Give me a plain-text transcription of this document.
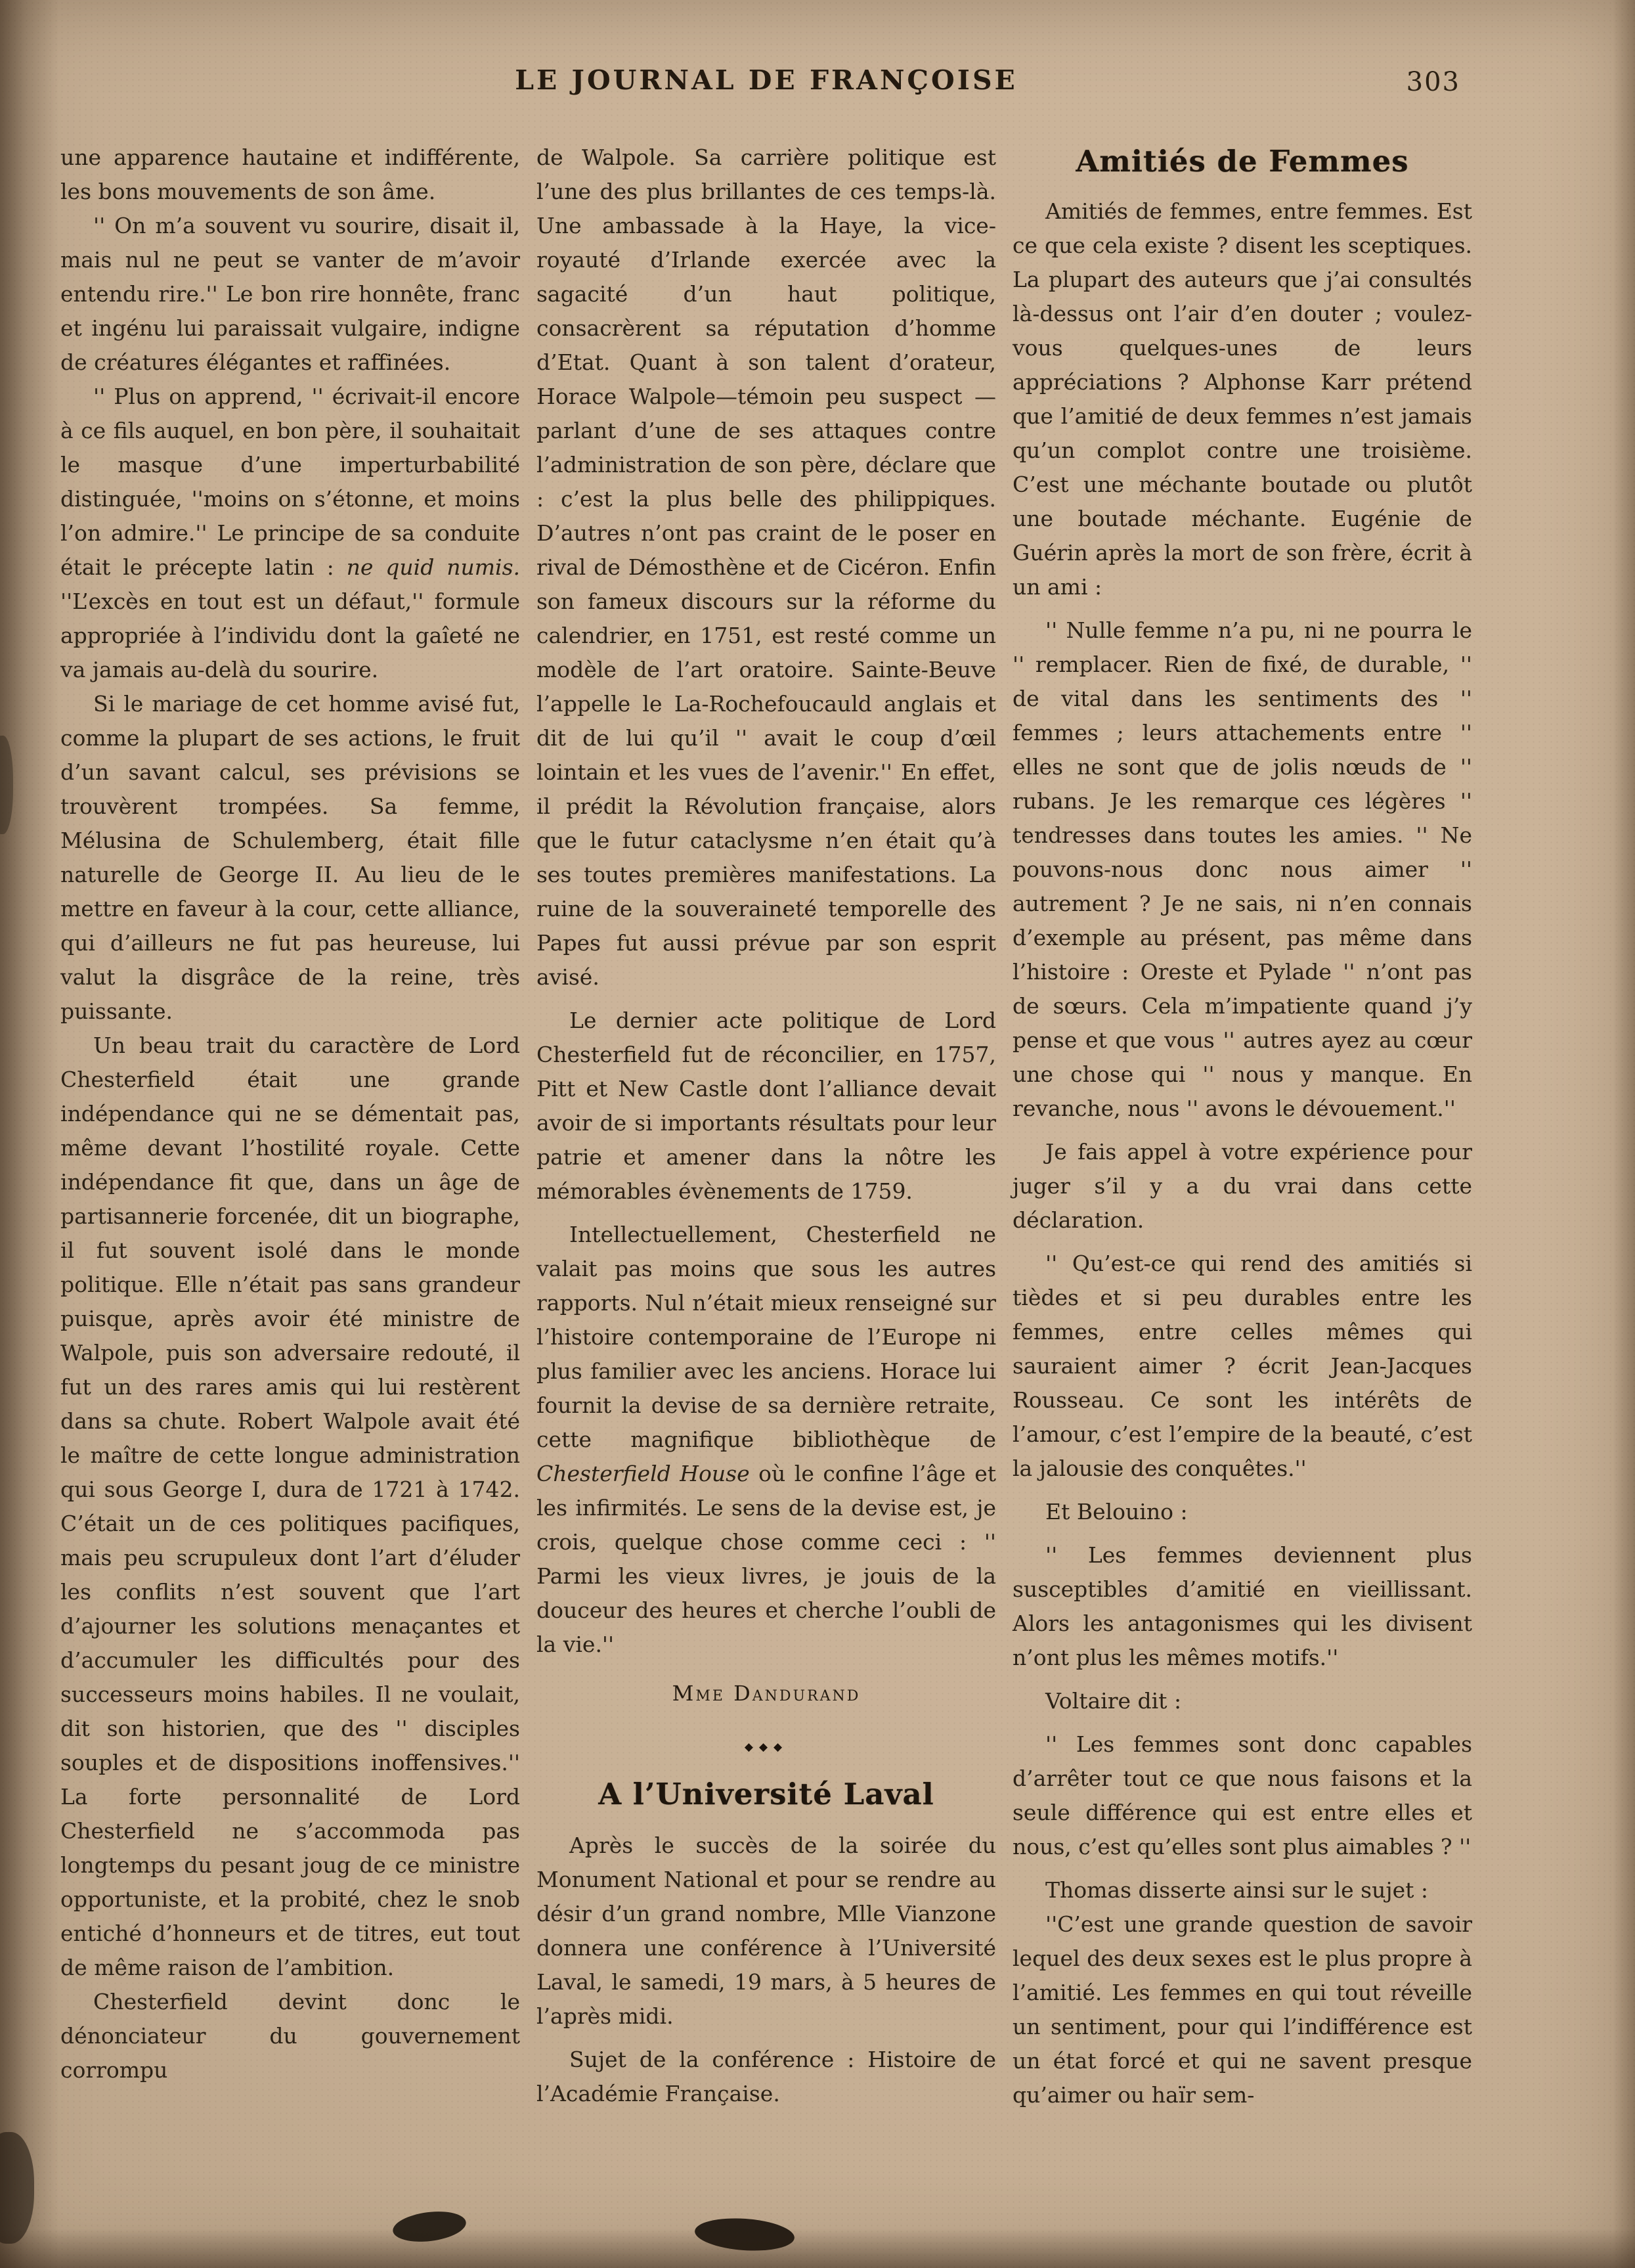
LE JOURNAL DE FRANÇOISE	303

une apparence hautaine et indifférente, les bons mouvements de son âme.

'' On m’a souvent vu sourire, disait il, mais nul ne peut se vanter de m’avoir entendu rire.'' Le bon rire honnête, franc et ingénu lui paraissait vulgaire, indigne de créatures élégantes et raffinées.

'' Plus on apprend, '' écrivait-il encore à ce fils auquel, en bon père, il souhaitait le masque d’une imperturbabilité distinguée, ''moins on s’étonne, et moins l’on admire.'' Le principe de sa conduite était le précepte latin : ne quid numis. ''L’excès en tout est un défaut,'' formule appropriée à l’individu dont la gaîeté ne va jamais au-delà du sourire.

Si le mariage de cet homme avisé fut, comme la plupart de ses actions, le fruit d’un savant calcul, ses prévisions se trouvèrent trompées. Sa femme, Mélusina de Schulemberg, était fille naturelle de George II. Au lieu de le mettre en faveur à la cour, cette alliance, qui d’ailleurs ne fut pas heureuse, lui valut la disgrâce de la reine, très puissante.

Un beau trait du caractère de Lord Chesterfield était une grande indépendance qui ne se démentait pas, même devant l’hostilité royale. Cette indépendance fit que, dans un âge de partisannerie forcenée, dit un biographe, il fut souvent isolé dans le monde politique. Elle n’était pas sans grandeur puisque, après avoir été ministre de Walpole, puis son adversaire redouté, il fut un des rares amis qui lui restèrent dans sa chute. Robert Walpole avait été le maître de cette longue administration qui sous George I, dura de 1721 à 1742. C’était un de ces politiques pacifiques, mais peu scrupuleux dont l’art d’éluder les conflits n’est souvent que l’art d’ajourner les solutions menaçantes et d’accumuler les difficultés pour des successeurs moins habiles. Il ne voulait, dit son historien, que des '' disciples souples et de dispositions inoffensives.'' La forte personnalité de Lord Chesterfield ne s’accommoda pas longtemps du pesant joug de ce ministre opportuniste, et la probité, chez le snob entiché d’honneurs et de titres, eut tout de même raison de l’ambition.

Chesterfield devint donc le dénonciateur du gouvernement corrompu

de Walpole. Sa carrière politique est l’une des plus brillantes de ces temps-là. Une ambassade à la Haye, la vice-royauté d’Irlande exercée avec la sagacité d’un haut politique, consacrèrent sa réputation d’homme d’Etat. Quant à son talent d’orateur, Horace Walpole—témoin peu suspect — parlant d’une de ses attaques contre l’administration de son père, déclare que : c’est la plus belle des philippiques. D’autres n’ont pas craint de le poser en rival de Démosthène et de Cicéron. Enfin son fameux discours sur la réforme du calendrier, en 1751, est resté comme un modèle de l’art oratoire. Sainte-Beuve l’appelle le La-Rochefoucauld anglais et dit de lui qu’il '' avait le coup d’œil lointain et les vues de l’avenir.'' En effet, il prédit la Révolution française, alors que le futur cataclysme n’en était qu’à ses toutes premières manifestations. La ruine de la souveraineté temporelle des Papes fut aussi prévue par son esprit avisé.

Le dernier acte politique de Lord Chesterfield fut de réconcilier, en 1757, Pitt et New Castle dont l’alliance devait avoir de si importants résultats pour leur patrie et amener dans la nôtre les mémorables évènements de 1759.

Intellectuellement, Chesterfield ne valait pas moins que sous les autres rapports. Nul n’était mieux renseigné sur l’histoire contemporaine de l’Europe ni plus familier avec les anciens. Horace lui fournit la devise de sa dernière retraite, cette magnifique bibliothèque de Chesterfield House où le confine l’âge et les infirmités. Le sens de la devise est, je crois, quelque chose comme ceci : '' Parmi les vieux livres, je jouis de la douceur des heures et cherche l’oubli de la vie.''

Mme Dandurand

◆◆◆
A l’Université Laval

Après le succès de la soirée du Monument National et pour se rendre au désir d’un grand nombre, Mlle Vianzone donnera une conférence à l’Université Laval, le samedi, 19 mars, à 5 heures de l’après midi.

Sujet de la conférence : Histoire de l’Académie Française.

Amitiés de Femmes

Amitiés de femmes, entre femmes. Est ce que cela existe ? disent les sceptiques. La plupart des auteurs que j’ai consultés là-dessus ont l’air d’en douter ; voulez-vous quelques-unes de leurs appréciations ? Alphonse Karr prétend que l’amitié de deux femmes n’est jamais qu’un complot contre une troisième. C’est une méchante boutade ou plutôt une boutade méchante. Eugénie de Guérin après la mort de son frère, écrit à un ami :

'' Nulle femme n’a pu, ni ne pourra le '' remplacer. Rien de fixé, de durable, '' de vital dans les sentiments des '' femmes ; leurs attachements entre '' elles ne sont que de jolis nœuds de '' rubans. Je les remarque ces légères '' tendresses dans toutes les amies. '' Ne pouvons-nous donc nous aimer '' autrement ? Je ne sais, ni n’en connais d’exemple au présent, pas même dans l’histoire : Oreste et Pylade '' n’ont pas de sœurs. Cela m’impatiente quand j’y pense et que vous '' autres ayez au cœur une chose qui '' nous y manque. En revanche, nous '' avons le dévouement.''

Je fais appel à votre expérience pour juger s’il y a du vrai dans cette déclaration.

'' Qu’est-ce qui rend des amitiés si tièdes et si peu durables entre les femmes, entre celles mêmes qui sauraient aimer ? écrit Jean-Jacques Rousseau. Ce sont les intérêts de l’amour, c’est l’empire de la beauté, c’est la jalousie des conquêtes.''

Et Belouino :

'' Les femmes deviennent plus susceptibles d’amitié en vieillissant. Alors les antagonismes qui les divisent n’ont plus les mêmes motifs.''

Voltaire dit :

'' Les femmes sont donc capables d’arrêter tout ce que nous faisons et la seule différence qui est entre elles et nous, c’est qu’elles sont plus aimables ? ''

Thomas disserte ainsi sur le sujet :

''C’est une grande question de savoir lequel des deux sexes est le plus propre à l’amitié. Les femmes en qui tout réveille un sentiment, pour qui l’indifférence est un état forcé et qui ne savent presque qu’aimer ou haïr sem-
